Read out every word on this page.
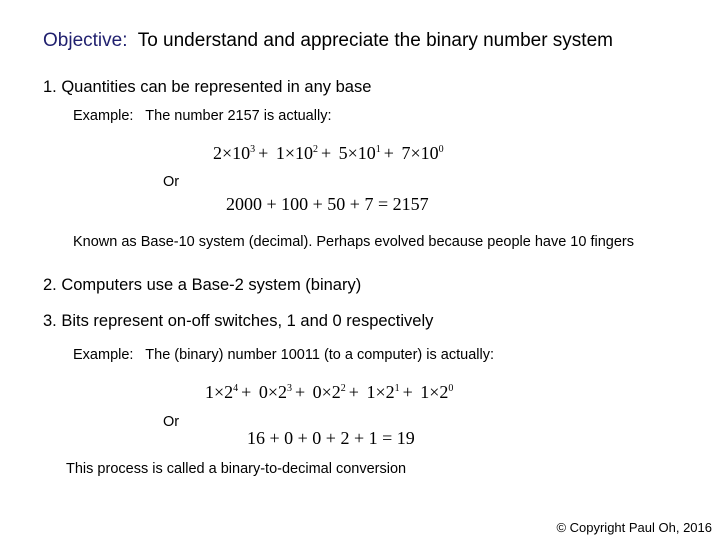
Objective: To understand and appreciate the binary number system
1. Quantities can be represented in any base
Example: The number 2157 is actually:
$2\times 10^3 + 1\times 10^2 + 5\times 10^1 + 7\times 10^0$
Or
2000 + 100 + 50 + 7 = 2157
Known as Base-10 system (decimal). Perhaps evolved because people have 10 fingers
2. Computers use a Base-2 system (binary)
3. Bits represent on-off switches, 1 and 0 respectively
Example: The (binary) number 10011 (to a computer) is actually:
$1\times 2^4 + 0\times 2^3 + 0\times 2^2 + 1\times 2^1 + 1\times 2^0$
Or
16 + 0 + 0 + 2 + 1 = 19
This process is called a binary-to-decimal conversion
© Copyright Paul Oh, 2016
